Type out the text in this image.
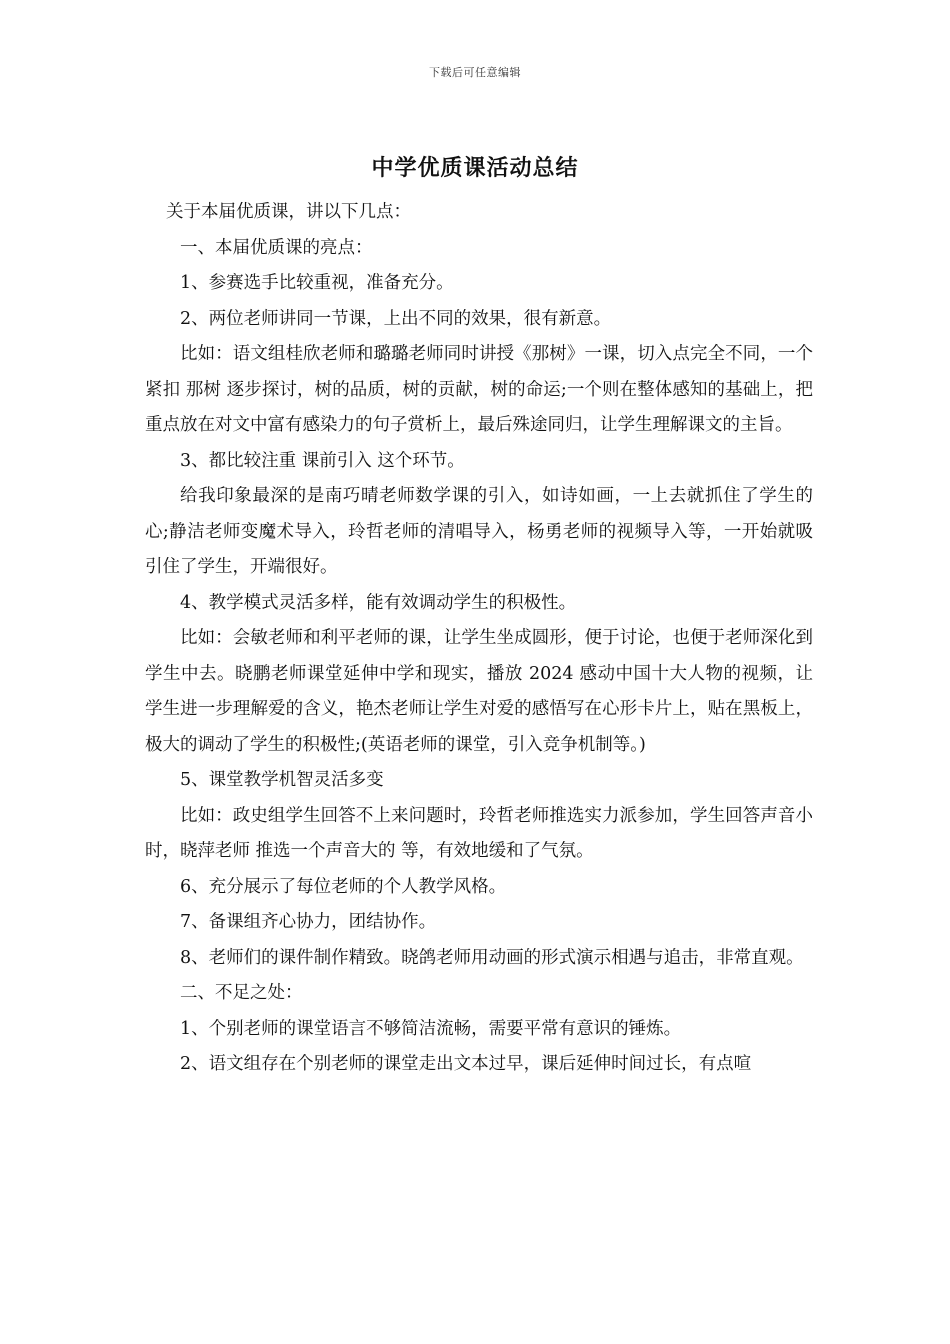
下载后可任意编辑
中学优质课活动总结

关于本届优质课，讲以下几点：

一、本届优质课的亮点：

1、参赛选手比较重视，准备充分。

2、两位老师讲同一节课，上出不同的效果，很有新意。

比如：语文组桂欣老师和璐璐老师同时讲授《那树》一课，切入点完全不同，一个紧扣 那树 逐步探讨，树的品质，树的贡献，树的命运;一个则在整体感知的基础上，把重点放在对文中富有感染力的句子赏析上，最后殊途同归，让学生理解课文的主旨。

3、都比较注重 课前引入 这个环节。

给我印象最深的是南巧晴老师数学课的引入，如诗如画，一上去就抓住了学生的心;静洁老师变魔术导入，玲哲老师的清唱导入，杨勇老师的视频导入等，一开始就吸引住了学生，开端很好。

4、教学模式灵活多样，能有效调动学生的积极性。

比如：会敏老师和利平老师的课，让学生坐成圆形，便于讨论，也便于老师深化到学生中去。晓鹏老师课堂延伸中学和现实，播放 2024 感动中国十大人物的视频，让学生进一步理解爱的含义，艳杰老师让学生对爱的感悟写在心形卡片上，贴在黑板上，极大的调动了学生的积极性;(英语老师的课堂，引入竞争机制等。)

5、课堂教学机智灵活多变

比如：政史组学生回答不上来问题时，玲哲老师推选实力派参加，学生回答声音小时，晓萍老师 推选一个声音大的 等，有效地缓和了气氛。

6、充分展示了每位老师的个人教学风格。

7、备课组齐心协力，团结协作。

8、老师们的课件制作精致。晓鸽老师用动画的形式演示相遇与追击，非常直观。

二、不足之处：

1、个别老师的课堂语言不够简洁流畅，需要平常有意识的锤炼。

2、语文组存在个别老师的课堂走出文本过早，课后延伸时间过长，有点喧
